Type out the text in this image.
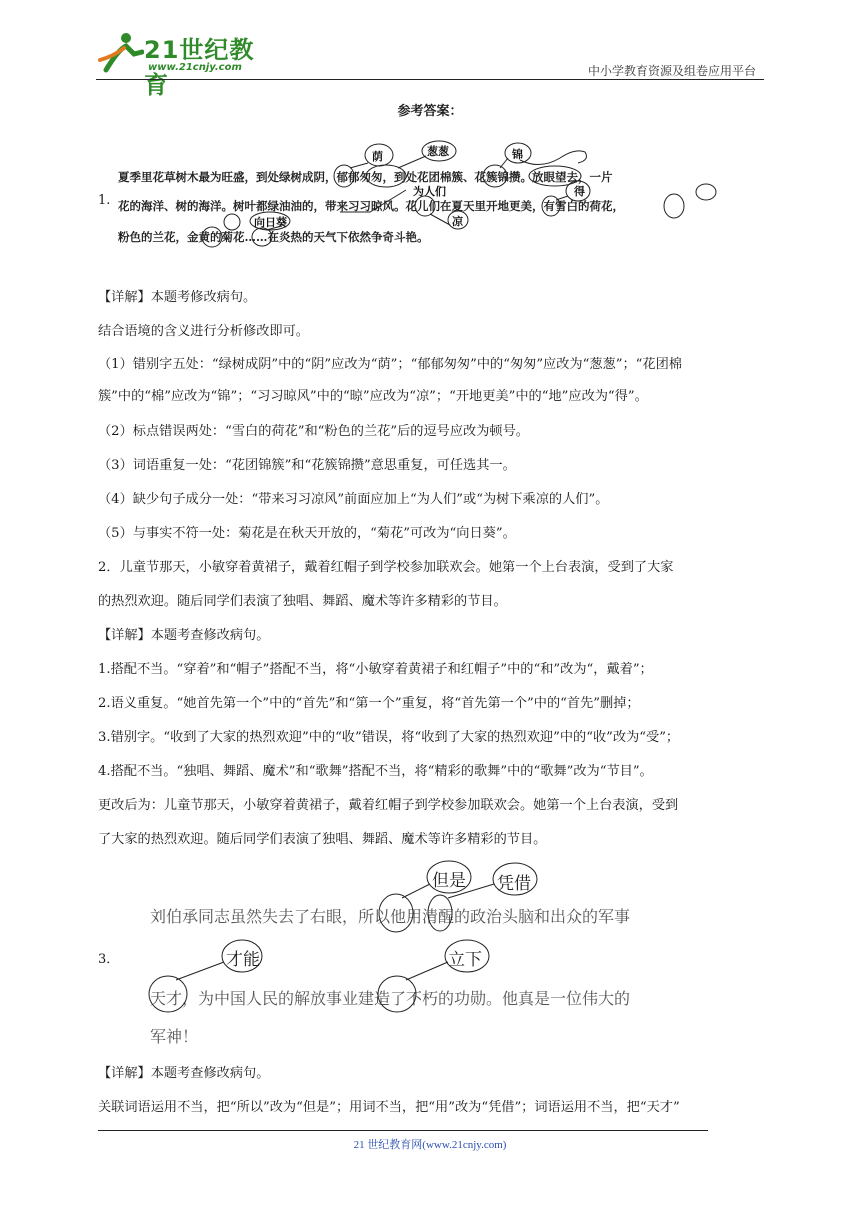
21世纪教育
www.21cnjy.com	中小学教育资源及组卷应用平台
参考答案：
1.
夏季里花草树木最为旺盛，到处绿树成阴，郁郁匆匆，到处花团棉簇、花簇锦攒。放眼望去，一片
花的海洋、树的海洋。树叶都绿油油的，带来习习晾风。花儿们在夏天里开地更美，有雪白的荷花，
粉色的兰花，金黄的菊花……在炎热的天气下依然争奇斗艳。
荫	葱葱	锦
为人们	得
向日葵	凉
【详解】本题考修改病句。
结合语境的含义进行分析修改即可。
（1）错别字五处：“绿树成阴”中的“阴”应改为“荫”；“郁郁匆匆”中的“匆匆”应改为“葱葱”；“花团棉
簇”中的“棉”应改为“锦”；“习习晾风”中的“晾”应改为“凉”；“开地更美”中的“地”应改为“得”。
（2）标点错误两处：“雪白的荷花”和“粉色的兰花”后的逗号应改为顿号。
（3）词语重复一处：“花团锦簇”和“花簇锦攒”意思重复，可任选其一。
（4）缺少句子成分一处：“带来习习凉风”前面应加上“为人们”或“为树下乘凉的人们”。
（5）与事实不符一处：菊花是在秋天开放的，“菊花”可改为“向日葵”。
2．儿童节那天，小敏穿着黄裙子，戴着红帽子到学校参加联欢会。她第一个上台表演，受到了大家
的热烈欢迎。随后同学们表演了独唱、舞蹈、魔术等许多精彩的节目。
【详解】本题考查修改病句。
1.搭配不当。“穿着”和“帽子”搭配不当，将“小敏穿着黄裙子和红帽子”中的“和”改为“，戴着”；
2.语义重复。“她首先第一个”中的“首先”和“第一个”重复，将“首先第一个”中的“首先”删掉；
3.错别字。“收到了大家的热烈欢迎”中的“收”错误，将“收到了大家的热烈欢迎”中的“收”改为“受”；
4.搭配不当。“独唱、舞蹈、魔术”和“歌舞”搭配不当，将“精彩的歌舞”中的“歌舞”改为“节目”。
更改后为：儿童节那天，小敏穿着黄裙子，戴着红帽子到学校参加联欢会。她第一个上台表演，受到
了大家的热烈欢迎。随后同学们表演了独唱、舞蹈、魔术等许多精彩的节目。
3．
刘伯承同志虽然失去了右眼，所以他用清醒的政治头脑和出众的军事
天才，为中国人民的解放事业建造了不朽的功勋。他真是一位伟大的
军神！
但是 凭借
才能	立下
【详解】本题考查修改病句。
关联词语运用不当，把“所以”改为“但是”；用词不当，把“用”改为“凭借”；词语运用不当，把“天才”
21 世纪教育网(www.21cnjy.com)
